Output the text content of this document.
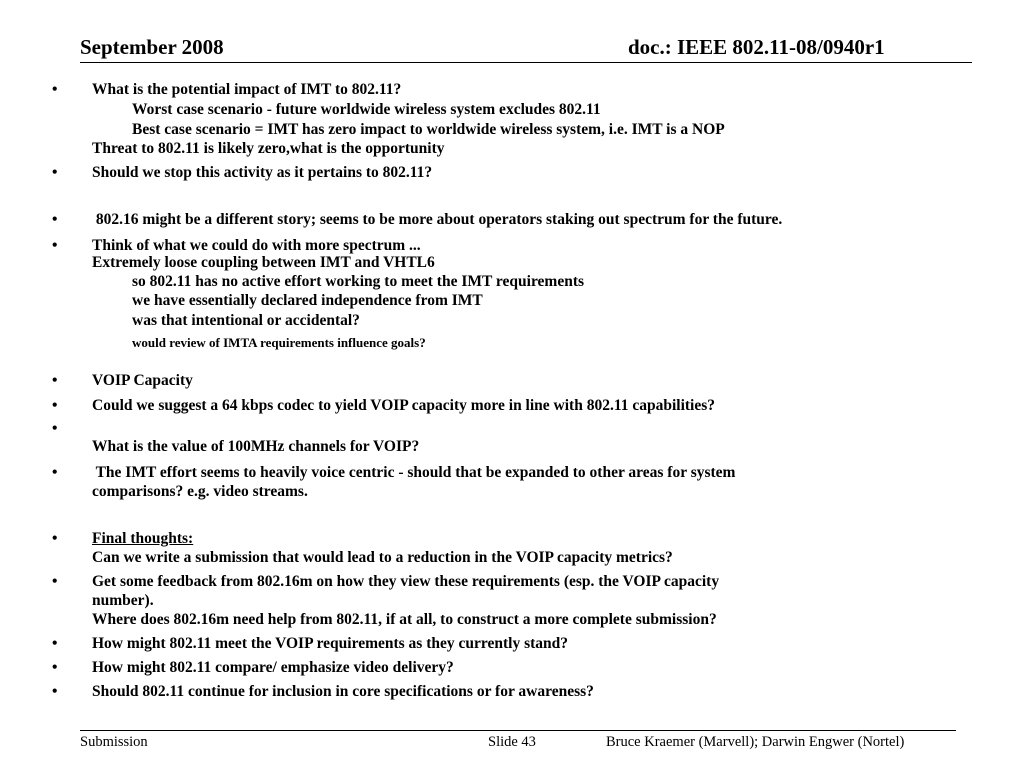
September 2008	doc.: IEEE 802.11-08/0940r1
•	What is the potential impact of IMT to 802.11?
Worst case scenario - future worldwide wireless system excludes 802.11
Best case scenario = IMT has zero impact to worldwide wireless system, i.e. IMT is a NOP
Threat to 802.11 is likely zero,what is the opportunity
•	Should we stop this activity as it pertains to 802.11?
•	802.16 might be a different story; seems to be more about operators staking out spectrum for the future.
•	Think of what we could do with more spectrum ...
Extremely loose coupling between IMT and VHTL6
so 802.11 has no active effort working to meet the IMT requirements
we have essentially declared independence from IMT
was that intentional or accidental?
would review of IMTA requirements influence goals?
•	VOIP Capacity
•	Could we suggest a 64 kbps codec to yield VOIP capacity more in line with 802.11 capabilities?
•
What is the value of 100MHz channels for VOIP?
•	The IMT effort seems to heavily voice centric - should that be expanded to other areas for system
comparisons? e.g. video streams.
•	Final thoughts:
Can we write a submission that would lead to a reduction in the VOIP capacity metrics?
•	Get some feedback from 802.16m on how they view these requirements (esp. the VOIP capacity
number).
Where does 802.16m need help from 802.11, if at all, to construct a more complete submission?
•	How might 802.11 meet the VOIP requirements as they currently stand?
•	How might 802.11 compare/ emphasize video delivery?
•	Should 802.11 continue for inclusion in core specifications or for awareness?
Submission	Slide 43	Bruce Kraemer (Marvell); Darwin Engwer (Nortel)
